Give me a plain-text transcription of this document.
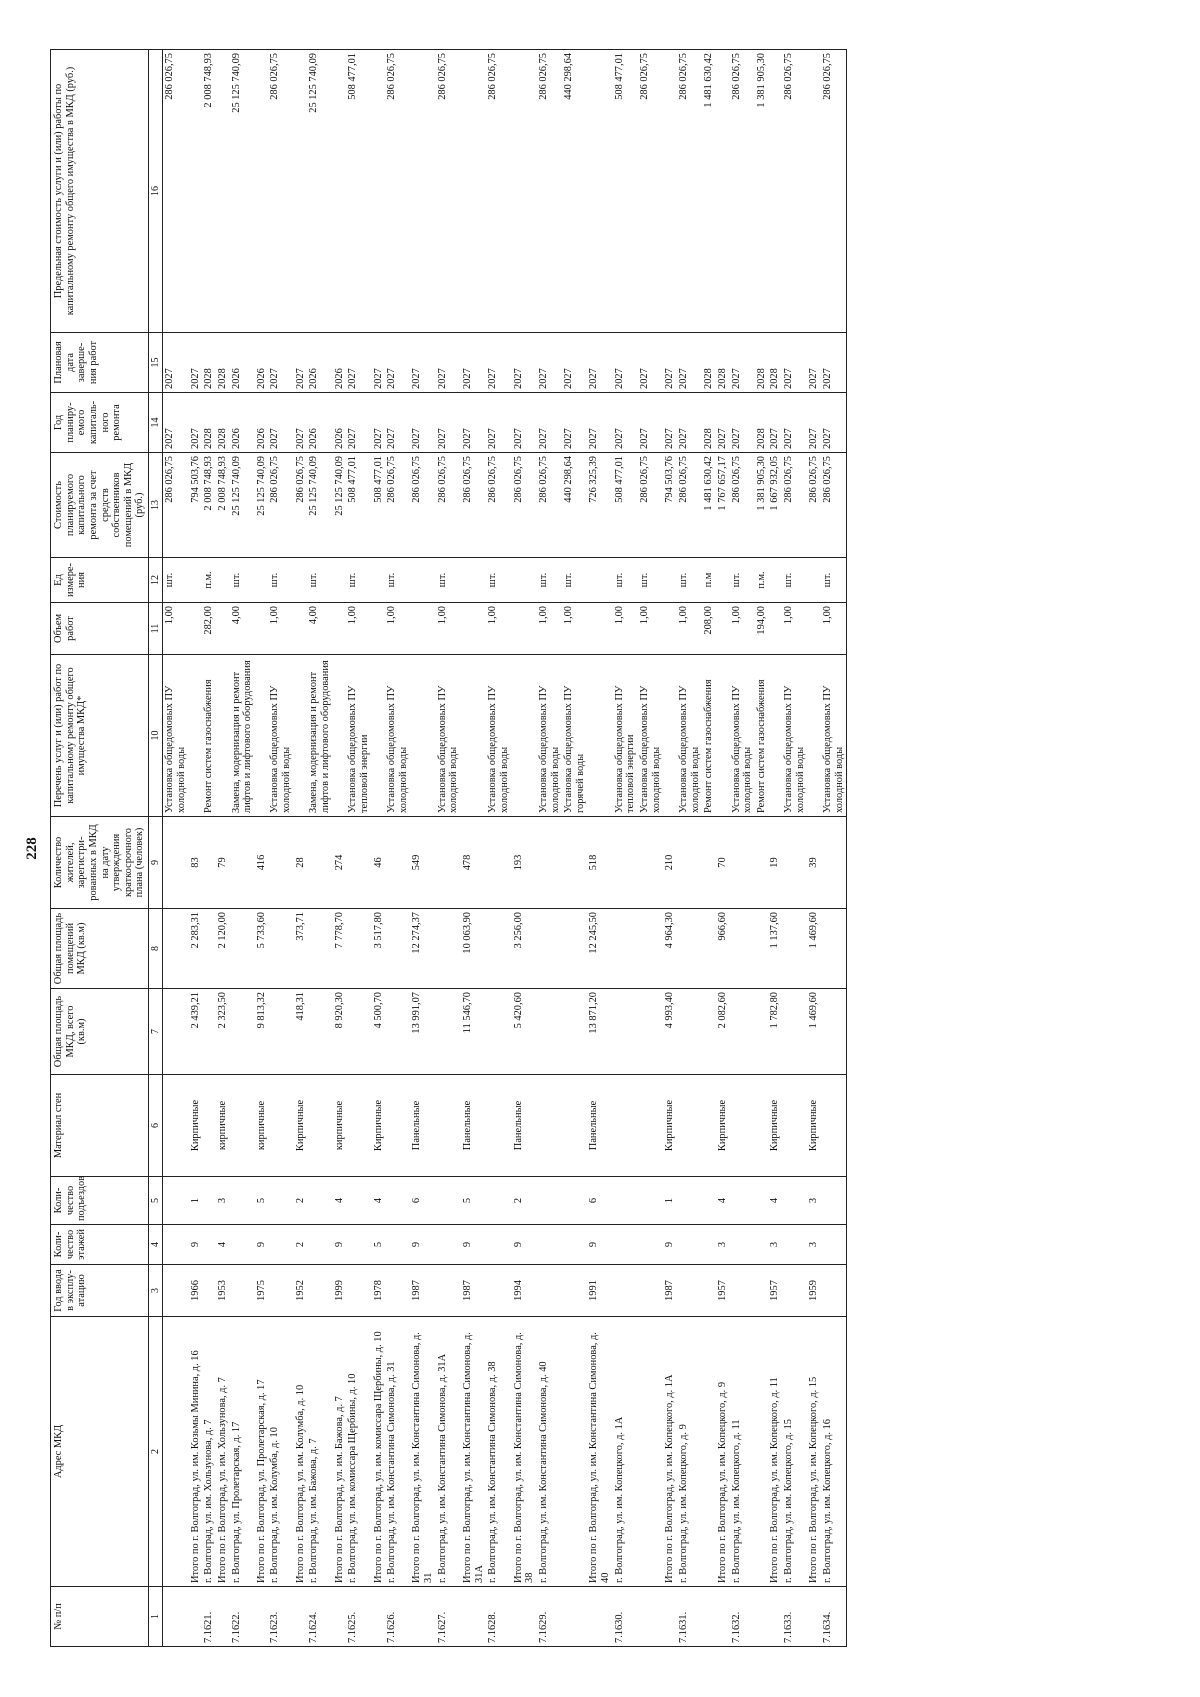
228
№ п/п	Адрес МКД	Год ввода в эксплу-атацию	Коли-чество этажей	Коли-чество подъездов	Материал стен	Общая площадь МКД, всего (кв.м)	Общая площадь помещений МКД (кв.м)	Количество жителей, зарегистри-рованных в МКД на дату утверждения краткосрочного плана (человек)	Перечень услуг и (или) работ по капитальному ремонту общего имущества МКД*	Объем работ	Ед измере-ния	Стоимость планируемого капитального ремонта за счет средств собственников помещений в МКД (руб.)	Год планиру-емого капиталь-ного ремонта	Плановая дата заверше-ния работ	Предельная стоимость услуги и (или) работы по капитальному ремонту общего имущества в МКД (руб.)
1	2	3	4	5	6	7	8	9	10	11	12	13	14	15	16
									Установка общедомовых ПУ холодной воды	1,00	шт.	286 026,75	2027	2027	286 026,75
	Итого по г. Волгоград, ул. им. Козьмы Минина, д. 16	1966	9	1	Кирпичные	2 439,21	2 283,31	83				794 503,76	2027	2027	
7.1621.	г. Волгоград, ул. им. Хользунова, д. 7								Ремонт систем газоснабжения	282,00	п.м.	2 008 748,93	2028	2028	2 008 748,93
	Итого по г. Волгоград, ул. им. Хользунова, д. 7	1953	4	3	кирпичные	2 323,50	2 120,00	79				2 008 748,93	2028	2028	
7.1622.	г. Волгоград, ул. Пролетарская, д. 17								Замена, модернизация и ремонт лифтов и лифтового оборудования	4,00	шт.	25 125 740,09	2026	2026	25 125 740,09
	Итого по г. Волгоград, ул. Пролетарская, д. 17	1975	9	5	кирпичные	9 813,32	5 733,60	416				25 125 740,09	2026	2026	
7.1623.	г. Волгоград, ул. им. Колумба, д. 10								Установка общедомовых ПУ холодной воды	1,00	шт.	286 026,75	2027	2027	286 026,75
	Итого по г. Волгоград, ул. им. Колумба, д. 10	1952	2	2	Кирпичные	418,31	373,71	28				286 026,75	2027	2027	
7.1624.	г. Волгоград, ул. им. Бажова, д. 7								Замена, модернизация и ремонт лифтов и лифтового оборудования	4,00	шт.	25 125 740,09	2026	2026	25 125 740,09
	Итого по г. Волгоград, ул. им. Бажова, д. 7	1999	9	4	кирпичные	8 920,30	7 778,70	274				25 125 740,09	2026	2026	
7.1625.	г. Волгоград, ул. им. комиссара Щербины, д. 10								Установка общедомовых ПУ тепловой энергии	1,00	шт.	508 477,01	2027	2027	508 477,01
	Итого по г. Волгоград, ул. им. комиссара Щербины, д. 10	1978	5	4	Кирпичные	4 500,70	3 517,80	46				508 477,01	2027	2027	
7.1626.	г. Волгоград, ул. им. Константина Симонова, д. 31								Установка общедомовых ПУ холодной воды	1,00	шт.	286 026,75	2027	2027	286 026,75
	Итого по г. Волгоград, ул. им. Константина Симонова, д. 31	1987	9	6	Панельные	13 991,07	12 274,37	549				286 026,75	2027	2027	
7.1627.	г. Волгоград, ул. им. Константина Симонова, д. 31А								Установка общедомовых ПУ холодной воды	1,00	шт.	286 026,75	2027	2027	286 026,75
	Итого по г. Волгоград, ул. им. Константина Симонова, д. 31А	1987	9	5	Панельные	11 546,70	10 063,90	478				286 026,75	2027	2027	
7.1628.	г. Волгоград, ул. им. Константина Симонова, д. 38								Установка общедомовых ПУ холодной воды	1,00	шт.	286 026,75	2027	2027	286 026,75
	Итого по г. Волгоград, ул. им. Константина Симонова, д. 38	1994	9	2	Панельные	5 420,60	3 256,00	193				286 026,75	2027	2027	
7.1629.	г. Волгоград, ул. им. Константина Симонова, д. 40								Установка общедомовых ПУ холодной воды	1,00	шт.	286 026,75	2027	2027	286 026,75
									Установка общедомовых ПУ горячей воды	1,00	шт.	440 298,64	2027	2027	440 298,64
	Итого по г. Волгоград, ул. им. Константина Симонова, д. 40	1991	9	6	Панельные	13 871,20	12 245,50	518				726 325,39	2027	2027	
7.1630.	г. Волгоград, ул. им. Копецкого, д. 1А								Установка общедомовых ПУ тепловой энергии	1,00	шт.	508 477,01	2027	2027	508 477,01
									Установка общедомовых ПУ холодной воды	1,00	шт.	286 026,75	2027	2027	286 026,75
	Итого по г. Волгоград, ул. им. Копецкого, д. 1А	1987	9	1	Кирпичные	4 993,40	4 964,30	210				794 503,76	2027	2027	
7.1631.	г. Волгоград, ул. им. Копецкого, д. 9								Установка общедомовых ПУ холодной воды	1,00	шт.	286 026,75	2027	2027	286 026,75
									Ремонт систем газоснабжения	208,00	п.м	1 481 630,42	2028	2028	1 481 630,42
	Итого по г. Волгоград, ул. им. Копецкого, д. 9	1957	3	4	Кирпичные	2 082,60	966,60	70				1 767 657,17	2027	2028	
7.1632.	г. Волгоград, ул. им. Копецкого, д. 11								Установка общедомовых ПУ холодной воды	1,00	шт.	286 026,75	2027	2027	286 026,75
									Ремонт систем газоснабжения	194,00	п.м.	1 381 905,30	2028	2028	1 381 905,30
	Итого по г. Волгоград, ул. им. Копецкого, д. 11	1957	3	4	Кирпичные	1 782,80	1 137,60	19				1 667 932,05	2027	2028	
7.1633.	г. Волгоград, ул. им. Копецкого, д. 15								Установка общедомовых ПУ холодной воды	1,00	шт.	286 026,75	2027	2027	286 026,75
	Итого по г. Волгоград, ул. им. Копецкого, д. 15	1959	3	3	Кирпичные	1 469,60	1 469,60	39				286 026,75	2027	2027	
7.1634.	г. Волгоград, ул. им. Копецкого, д. 16								Установка общедомовых ПУ холодной воды	1,00	шт.	286 026,75	2027	2027	286 026,75
